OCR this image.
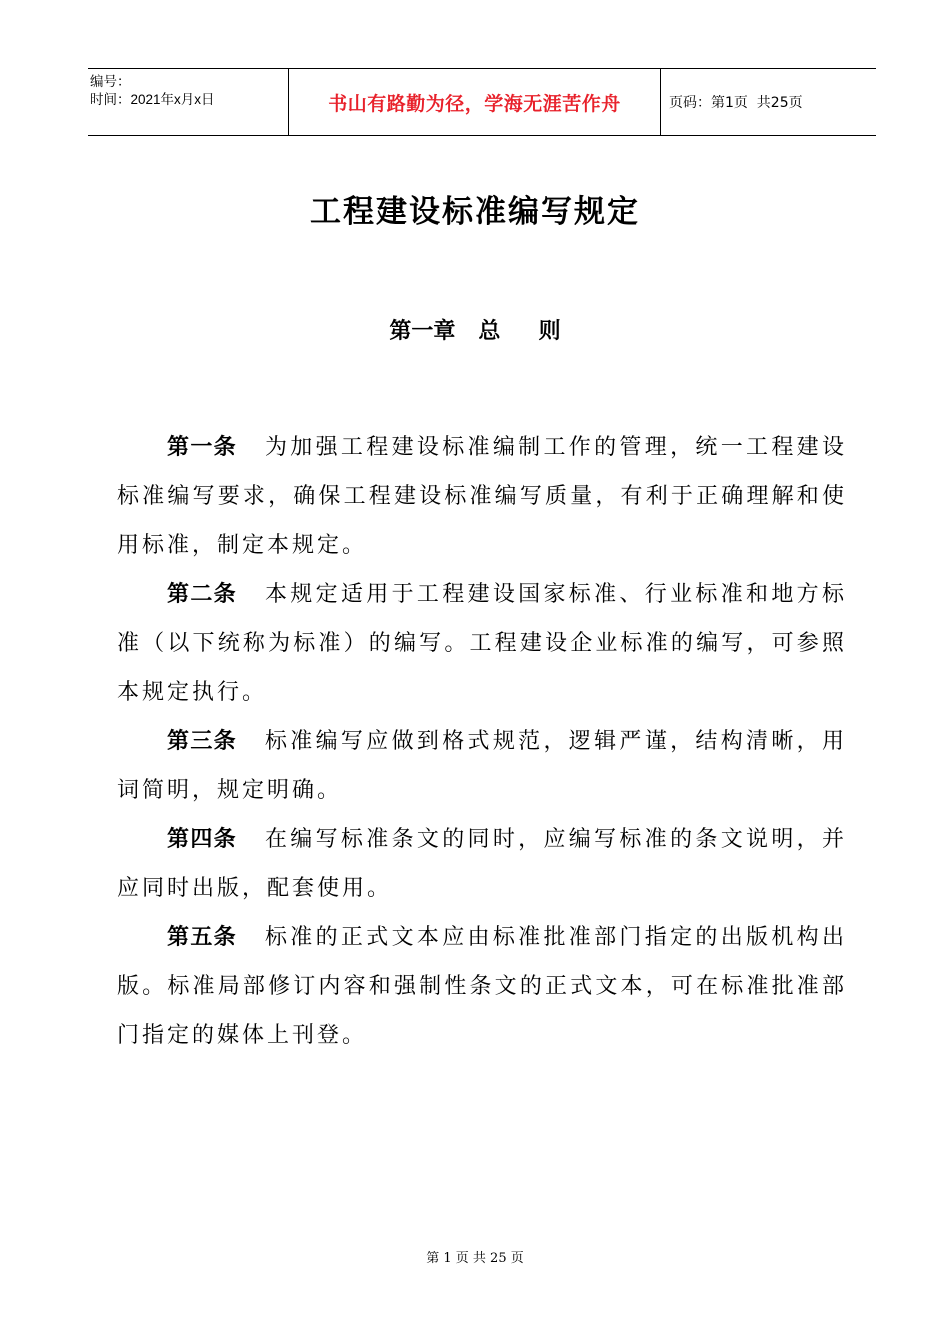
编号：
时间：2021年x月x日	书山有路勤为径，学海无涯苦作舟	页码：第1页  共25页
工程建设标准编写规定
第一章   总     则

第一条 为加强工程建设标准编制工作的管理，统一工程建设标准编写要求，确保工程建设标准编写质量，有利于正确理解和使用标准，制定本规定。

第二条 本规定适用于工程建设国家标准、行业标准和地方标准（以下统称为标准）的编写。工程建设企业标准的编写，可参照本规定执行。

第三条 标准编写应做到格式规范，逻辑严谨，结构清晰，用词简明，规定明确。

第四条 在编写标准条文的同时，应编写标准的条文说明，并应同时出版，配套使用。

第五条 标准的正式文本应由标准批准部门指定的出版机构出版。标准局部修订内容和强制性条文的正式文本，可在标准批准部门指定的媒体上刊登。

第 1 页 共 25 页
